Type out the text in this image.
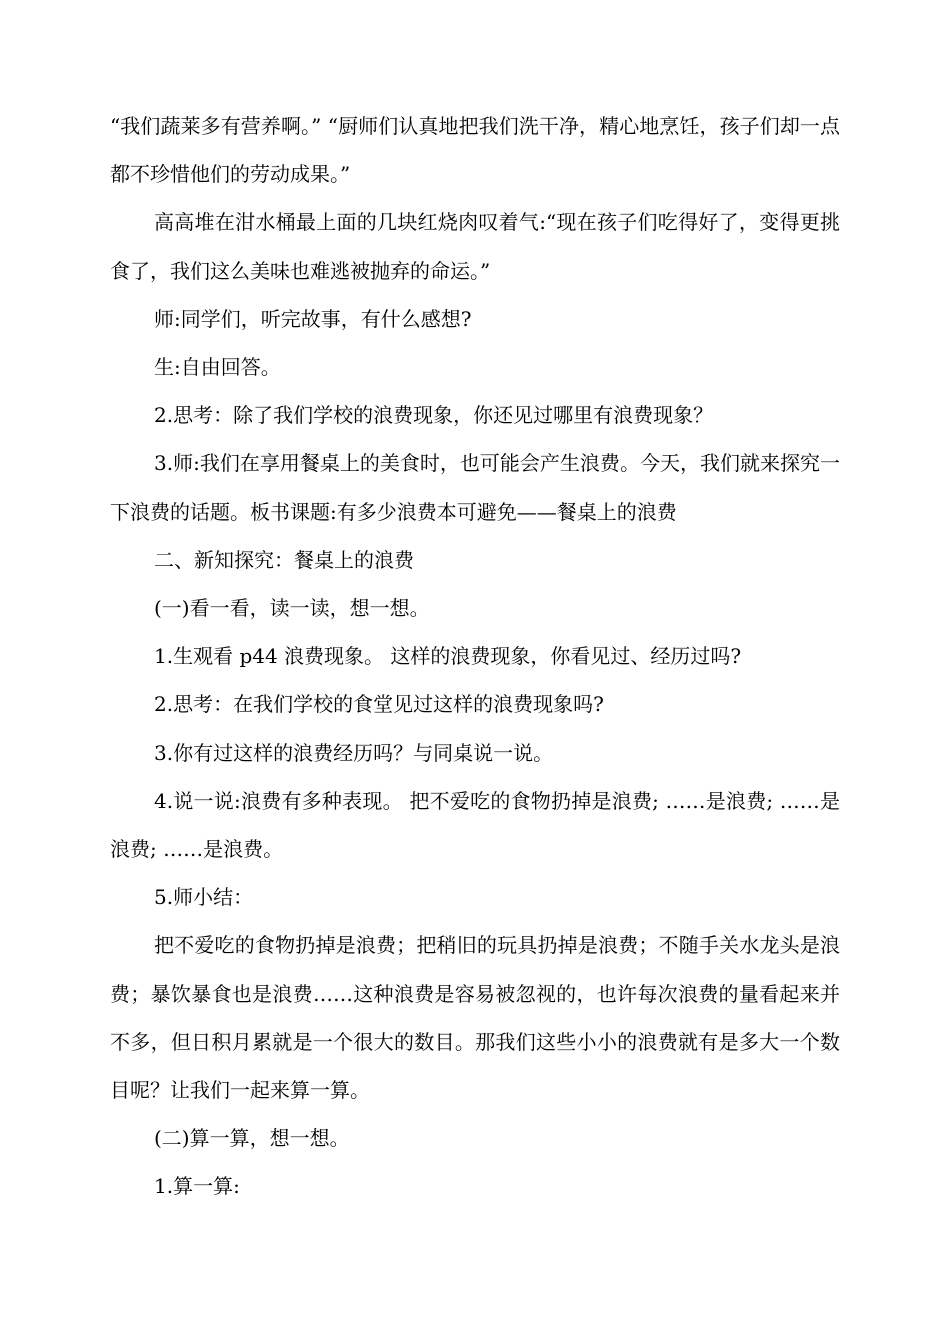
“我们蔬莱多有营养啊。” “厨师们认真地把我们洗干净，精心地烹饪，孩子们却一点都不珍惜他们的劳动成果。”

高高堆在泔水桶最上面的几块红烧肉叹着气:“现在孩子们吃得好了，变得更挑食了，我们这么美味也难逃被抛弃的命运。”

师:同学们，听完故事，有什么感想?

生:自由回答。

2.思考：除了我们学校的浪费现象，你还见过哪里有浪费现象？

3.师:我们在享用餐桌上的美食时，也可能会产生浪费。今天，我们就来探究一下浪费的话题。板书课题:有多少浪费本可避免——餐桌上的浪费

二、新知探究：餐桌上的浪费

(一)看一看，读一读，想一想。

1.生观看 p44 浪费现象。 这样的浪费现象，你看见过、经历过吗?

2.思考：在我们学校的食堂见过这样的浪费现象吗?

3.你有过这样的浪费经历吗？与同桌说一说。

4.说一说:浪费有多种表现。 把不爱吃的食物扔掉是浪费; ……是浪费; ……是浪费; ……是浪费。

5.师小结：

把不爱吃的食物扔掉是浪费；把稍旧的玩具扔掉是浪费；不随手关水龙头是浪费；暴饮暴食也是浪费……这种浪费是容易被忽视的，也许每次浪费的量看起来并不多，但日积月累就是一个很大的数目。那我们这些小小的浪费就有是多大一个数目呢？让我们一起来算一算。

(二)算一算，想一想。

1.算一算:
